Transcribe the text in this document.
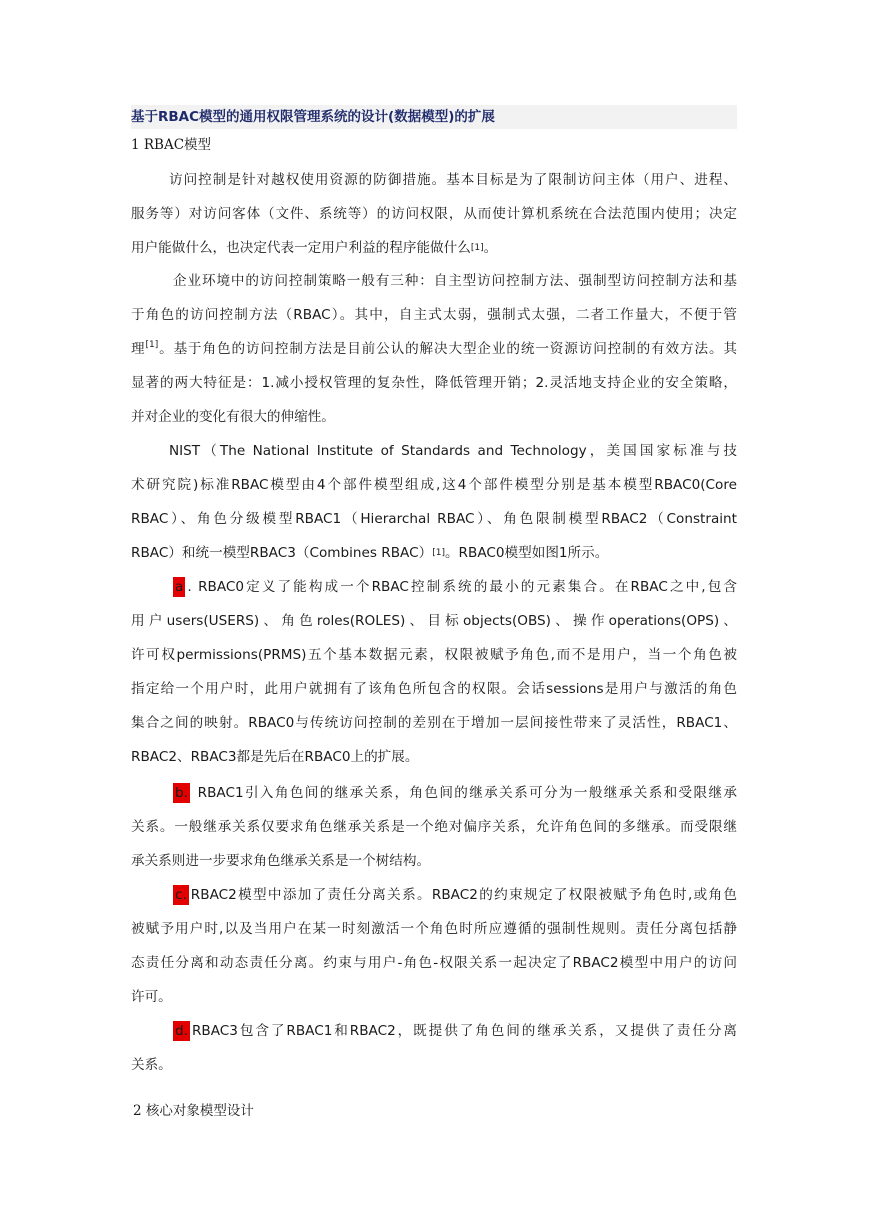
基于RBAC模型的通用权限管理系统的设计(数据模型)的扩展
1 RBAC模型
访问控制是针对越权使用资源的防御措施。基本目标是为了限制访问主体（用户、进程、
服务等）对访问客体（文件、系统等）的访问权限，从而使计算机系统在合法范围内使用；决定
用户能做什么，也决定代表一定用户利益的程序能做什么 [1] 。
企业环境中的访问控制策略一般有三种：自主型访问控制方法、强制型访问控制方法和基
于角色的访问控制方法（RBAC）。其中，自主式太弱，强制式太强，二者工作量大，不便于管
理[1]。基于角色的访问控制方法是目前公认的解决大型企业的统一资源访问控制的有效方法。其
显著的两大特征是：1.减小授权管理的复杂性，降低管理开销；2.灵活地支持企业的安全策略，
并对企业的变化有很大的伸缩性。
NIST（The National Institute of Standards and Technology，美国国家标准与技
术研究院)标准RBAC模型由4个部件模型组成,这4个部件模型分别是基本模型RBAC0(Core
RBAC）、角色分级模型RBAC1（Hierarchal RBAC）、角色限制模型RBAC2（Constraint
RBAC）和统一模型RBAC3（Combines RBAC） [1] 。RBAC0模型如图1所示。
a . RBAC0定义了能构成一个RBAC控制系统的最小的元素集合。在RBAC之中,包含
用户users(USERS)、角色roles(ROLES)、目标objects(OBS)、操作operations(OPS)、
许可权permissions(PRMS)五个基本数据元素，权限被赋予角色,而不是用户，当一个角色被
指定给一个用户时，此用户就拥有了该角色所包含的权限。会话sessions是用户与激活的角色
集合之间的映射。RBAC0与传统访问控制的差别在于增加一层间接性带来了灵活性，RBAC1、
RBAC2、RBAC3都是先后在RBAC0上的扩展。
b. RBAC1引入角色间的继承关系，角色间的继承关系可分为一般继承关系和受限继承
关系。一般继承关系仅要求角色继承关系是一个绝对偏序关系，允许角色间的多继承。而受限继
承关系则进一步要求角色继承关系是一个树结构。
c. RBAC2模型中添加了责任分离关系。RBAC2的约束规定了权限被赋予角色时,或角色
被赋予用户时,以及当用户在某一时刻激活一个角色时所应遵循的强制性规则。责任分离包括静
态责任分离和动态责任分离。约束与用户-角色-权限关系一起决定了RBAC2模型中用户的访问
许可。
d. RBAC3包含了RBAC1和RBAC2，既提供了角色间的继承关系，又提供了责任分离
关系。
2 核心对象模型设计
